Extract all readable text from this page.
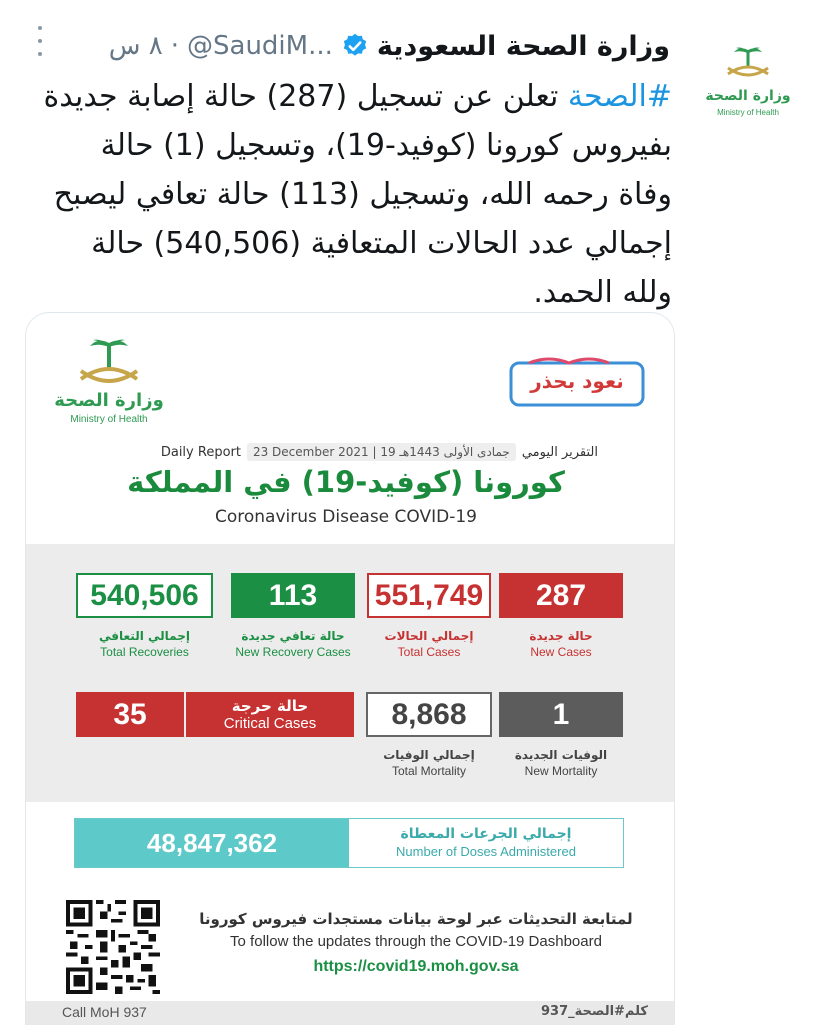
وزارة الصحة
Ministry of Health
وزارة الصحة السعودية
@SaudiM...
·
٨ س
#الصحة تعلن عن تسجيل (287) حالة إصابة جديدة بفيروس كورونا (كوفيد-19)، وتسجيل (1) حالة وفاة رحمه الله، وتسجيل (113) حالة تعافي ليصبح إجمالي عدد الحالات المتعافية (540,506) حالة ولله الحمد.
وزارة الصحة
Ministry of Health
نعود بحذر
التقرير اليومي
23 December 2021 | 19 جمادى الأولى 1443هـ
Daily Report
كورونا (كوفيد-19) في المملكة
Coronavirus Disease COVID-19
540,506
إجمالي التعافي
Total Recoveries
113
حالة تعافي جديدة
New Recovery Cases
551,749
إجمالي الحالات
Total Cases
287
حالة جديدة
New Cases
35	حالة حرجة
Critical Cases	8,868
إجمالي الوفيات
Total Mortality
1
الوفيات الجديدة
New Mortality
48,847,362	إجمالي الجرعات المعطاة
Number of Doses Administered
لمتابعة التحديثات عبر لوحة بيانات مستجدات فيروس كورونا
To follow the updates through the COVID-19 Dashboard
https://covid19.moh.gov.sa
Call MoH 937	كلم#الصحة_937
